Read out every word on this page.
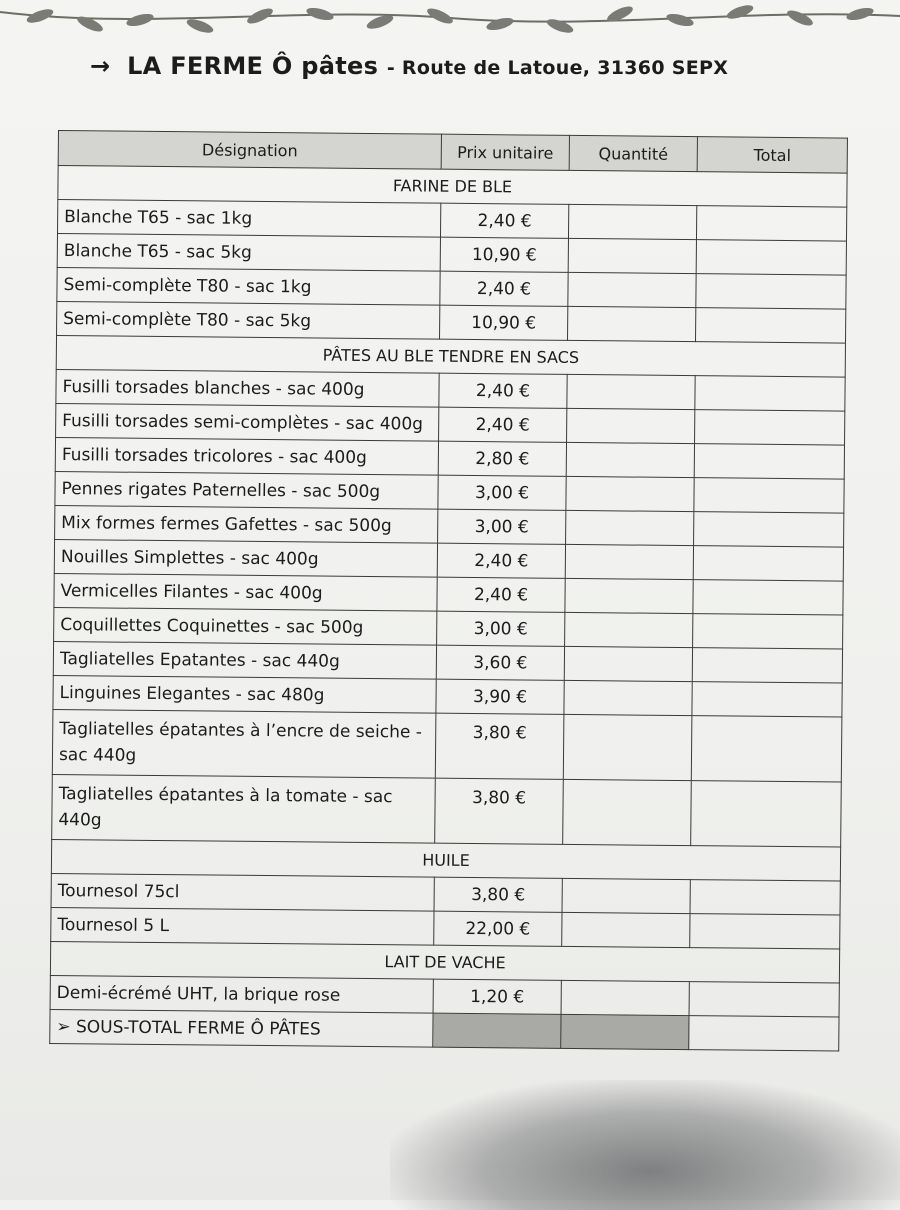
→ LA FERME Ô pâtes - Route de Latoue, 31360 SEPX
Désignation	Prix unitaire	Quantité	Total
FARINE DE BLE			
Blanche T65 - sac 1kg	2,40 €		
Blanche T65 - sac 5kg	10,90 €		
Semi-complète T80 - sac 1kg	2,40 €		
Semi-complète T80 - sac 5kg	10,90 €		
PÂTES AU BLE TENDRE EN SACS			
Fusilli torsades blanches - sac 400g	2,40 €		
Fusilli torsades semi-complètes - sac 400g	2,40 €		
Fusilli torsades tricolores - sac 400g	2,80 €		
Pennes rigates Paternelles - sac 500g	3,00 €		
Mix formes fermes Gafettes - sac 500g	3,00 €		
Nouilles Simplettes - sac 400g	2,40 €		
Vermicelles Filantes - sac 400g	2,40 €		
Coquillettes Coquinettes - sac 500g	3,00 €		
Tagliatelles Epatantes - sac 440g	3,60 €		
Linguines Elegantes - sac 480g	3,90 €		
Tagliatelles épatantes à l’encre de seiche - sac 440g	3,80 €		
Tagliatelles épatantes à la tomate - sac 440g	3,80 €		
HUILE			
Tournesol 75cl	3,80 €		
Tournesol 5 L	22,00 €		
LAIT DE VACHE			
Demi-écrémé UHT, la brique rose	1,20 €		
➢ SOUS-TOTAL FERME Ô PÂTES			
